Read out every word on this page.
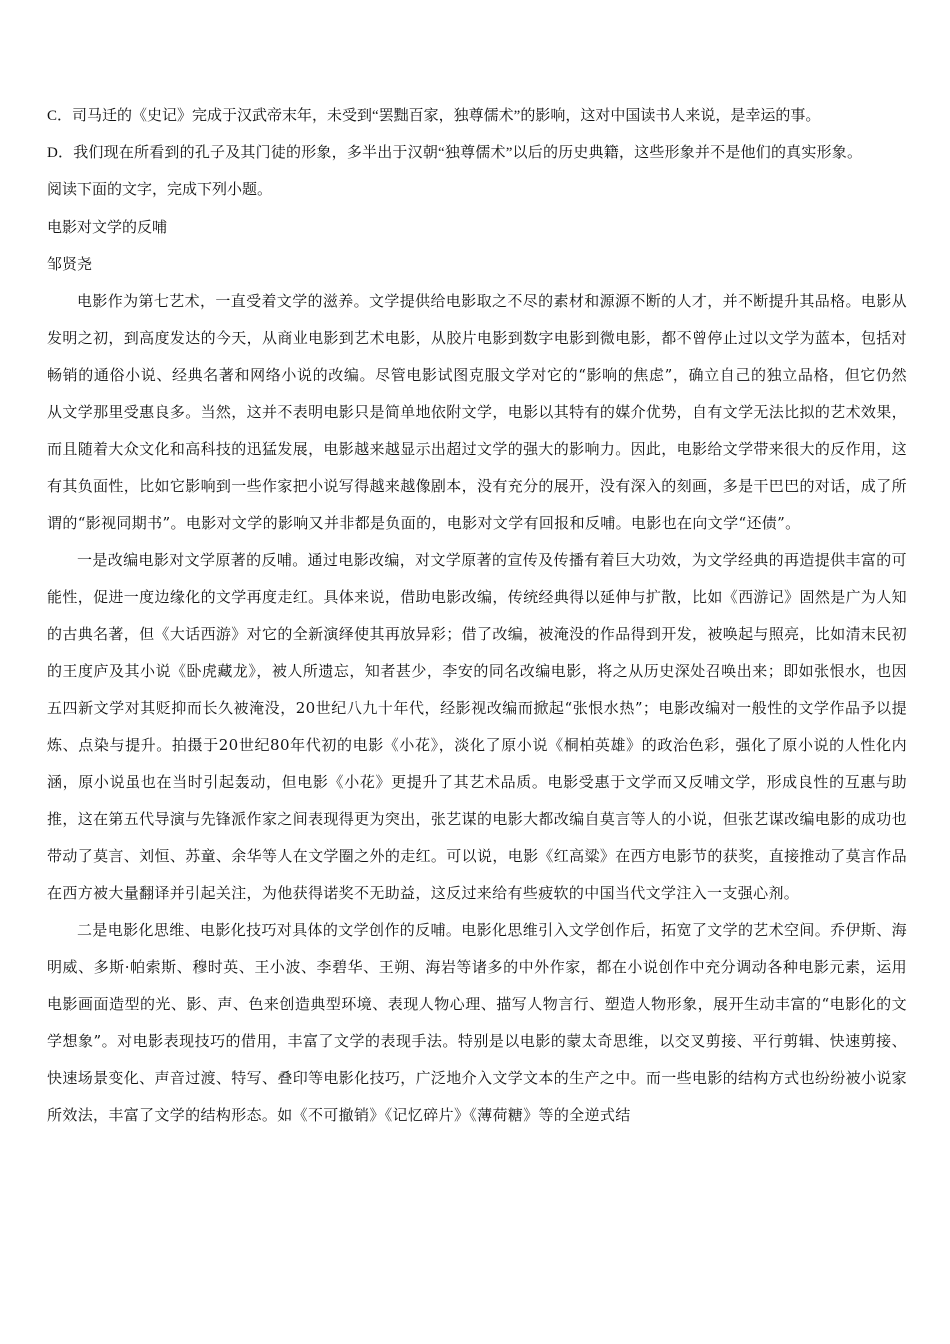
C．司马迁的《史记》完成于汉武帝末年，未受到“罢黜百家，独尊儒术”的影响，这对中国读书人来说，是幸运的事。

D．我们现在所看到的孔子及其门徒的形象，多半出于汉朝“独尊儒术”以后的历史典籍，这些形象并不是他们的真实形象。

阅读下面的文字，完成下列小题。

电影对文学的反哺

邹贤尧

电影作为第七艺术，一直受着文学的滋养。文学提供给电影取之不尽的素材和源源不断的人才，并不断提升其品格。电影从发明之初，到高度发达的今天，从商业电影到艺术电影，从胶片电影到数字电影到微电影，都不曾停止过以文学为蓝本，包括对畅销的通俗小说、经典名著和网络小说的改编。尽管电影试图克服文学对它的“影响的焦虑”，确立自己的独立品格，但它仍然从文学那里受惠良多。当然，这并不表明电影只是简单地依附文学，电影以其特有的媒介优势，自有文学无法比拟的艺术效果，而且随着大众文化和高科技的迅猛发展，电影越来越显示出超过文学的强大的影响力。因此，电影给文学带来很大的反作用，这有其负面性，比如它影响到一些作家把小说写得越来越像剧本，没有充分的展开，没有深入的刻画，多是干巴巴的对话，成了所谓的“影视同期书”。电影对文学的影响又并非都是负面的，电影对文学有回报和反哺。电影也在向文学“还债”。

一是改编电影对文学原著的反哺。通过电影改编，对文学原著的宣传及传播有着巨大功效，为文学经典的再造提供丰富的可能性，促进一度边缘化的文学再度走红。具体来说，借助电影改编，传统经典得以延伸与扩散，比如《西游记》固然是广为人知的古典名著，但《大话西游》对它的全新演绎使其再放异彩；借了改编，被淹没的作品得到开发，被唤起与照亮，比如清末民初的王度庐及其小说《卧虎藏龙》，被人所遗忘，知者甚少，李安的同名改编电影，将之从历史深处召唤出来；即如张恨水，也因五四新文学对其贬抑而长久被淹没，20世纪八九十年代，经影视改编而掀起“张恨水热”；电影改编对一般性的文学作品予以提炼、点染与提升。拍摄于20世纪80年代初的电影《小花》，淡化了原小说《桐柏英雄》的政治色彩，强化了原小说的人性化内涵，原小说虽也在当时引起轰动，但电影《小花》更提升了其艺术品质。电影受惠于文学而又反哺文学，形成良性的互惠与助推，这在第五代导演与先锋派作家之间表现得更为突出，张艺谋的电影大都改编自莫言等人的小说，但张艺谋改编电影的成功也带动了莫言、刘恒、苏童、余华等人在文学圈之外的走红。可以说，电影《红高粱》在西方电影节的获奖，直接推动了莫言作品在西方被大量翻译并引起关注，为他获得诺奖不无助益，这反过来给有些疲软的中国当代文学注入一支强心剂。

二是电影化思维、电影化技巧对具体的文学创作的反哺。电影化思维引入文学创作后，拓宽了文学的艺术空间。乔伊斯、海明威、多斯·帕索斯、穆时英、王小波、李碧华、王朔、海岩等诸多的中外作家，都在小说创作中充分调动各种电影元素，运用电影画面造型的光、影、声、色来创造典型环境、表现人物心理、描写人物言行、塑造人物形象，展开生动丰富的“电影化的文学想象”。对电影表现技巧的借用，丰富了文学的表现手法。特别是以电影的蒙太奇思维，以交叉剪接、平行剪辑、快速剪接、快速场景变化、声音过渡、特写、叠印等电影化技巧，广泛地介入文学文本的生产之中。而一些电影的结构方式也纷纷被小说家所效法，丰富了文学的结构形态。如《不可撤销》《记忆碎片》《薄荷糖》等的全逆式结
